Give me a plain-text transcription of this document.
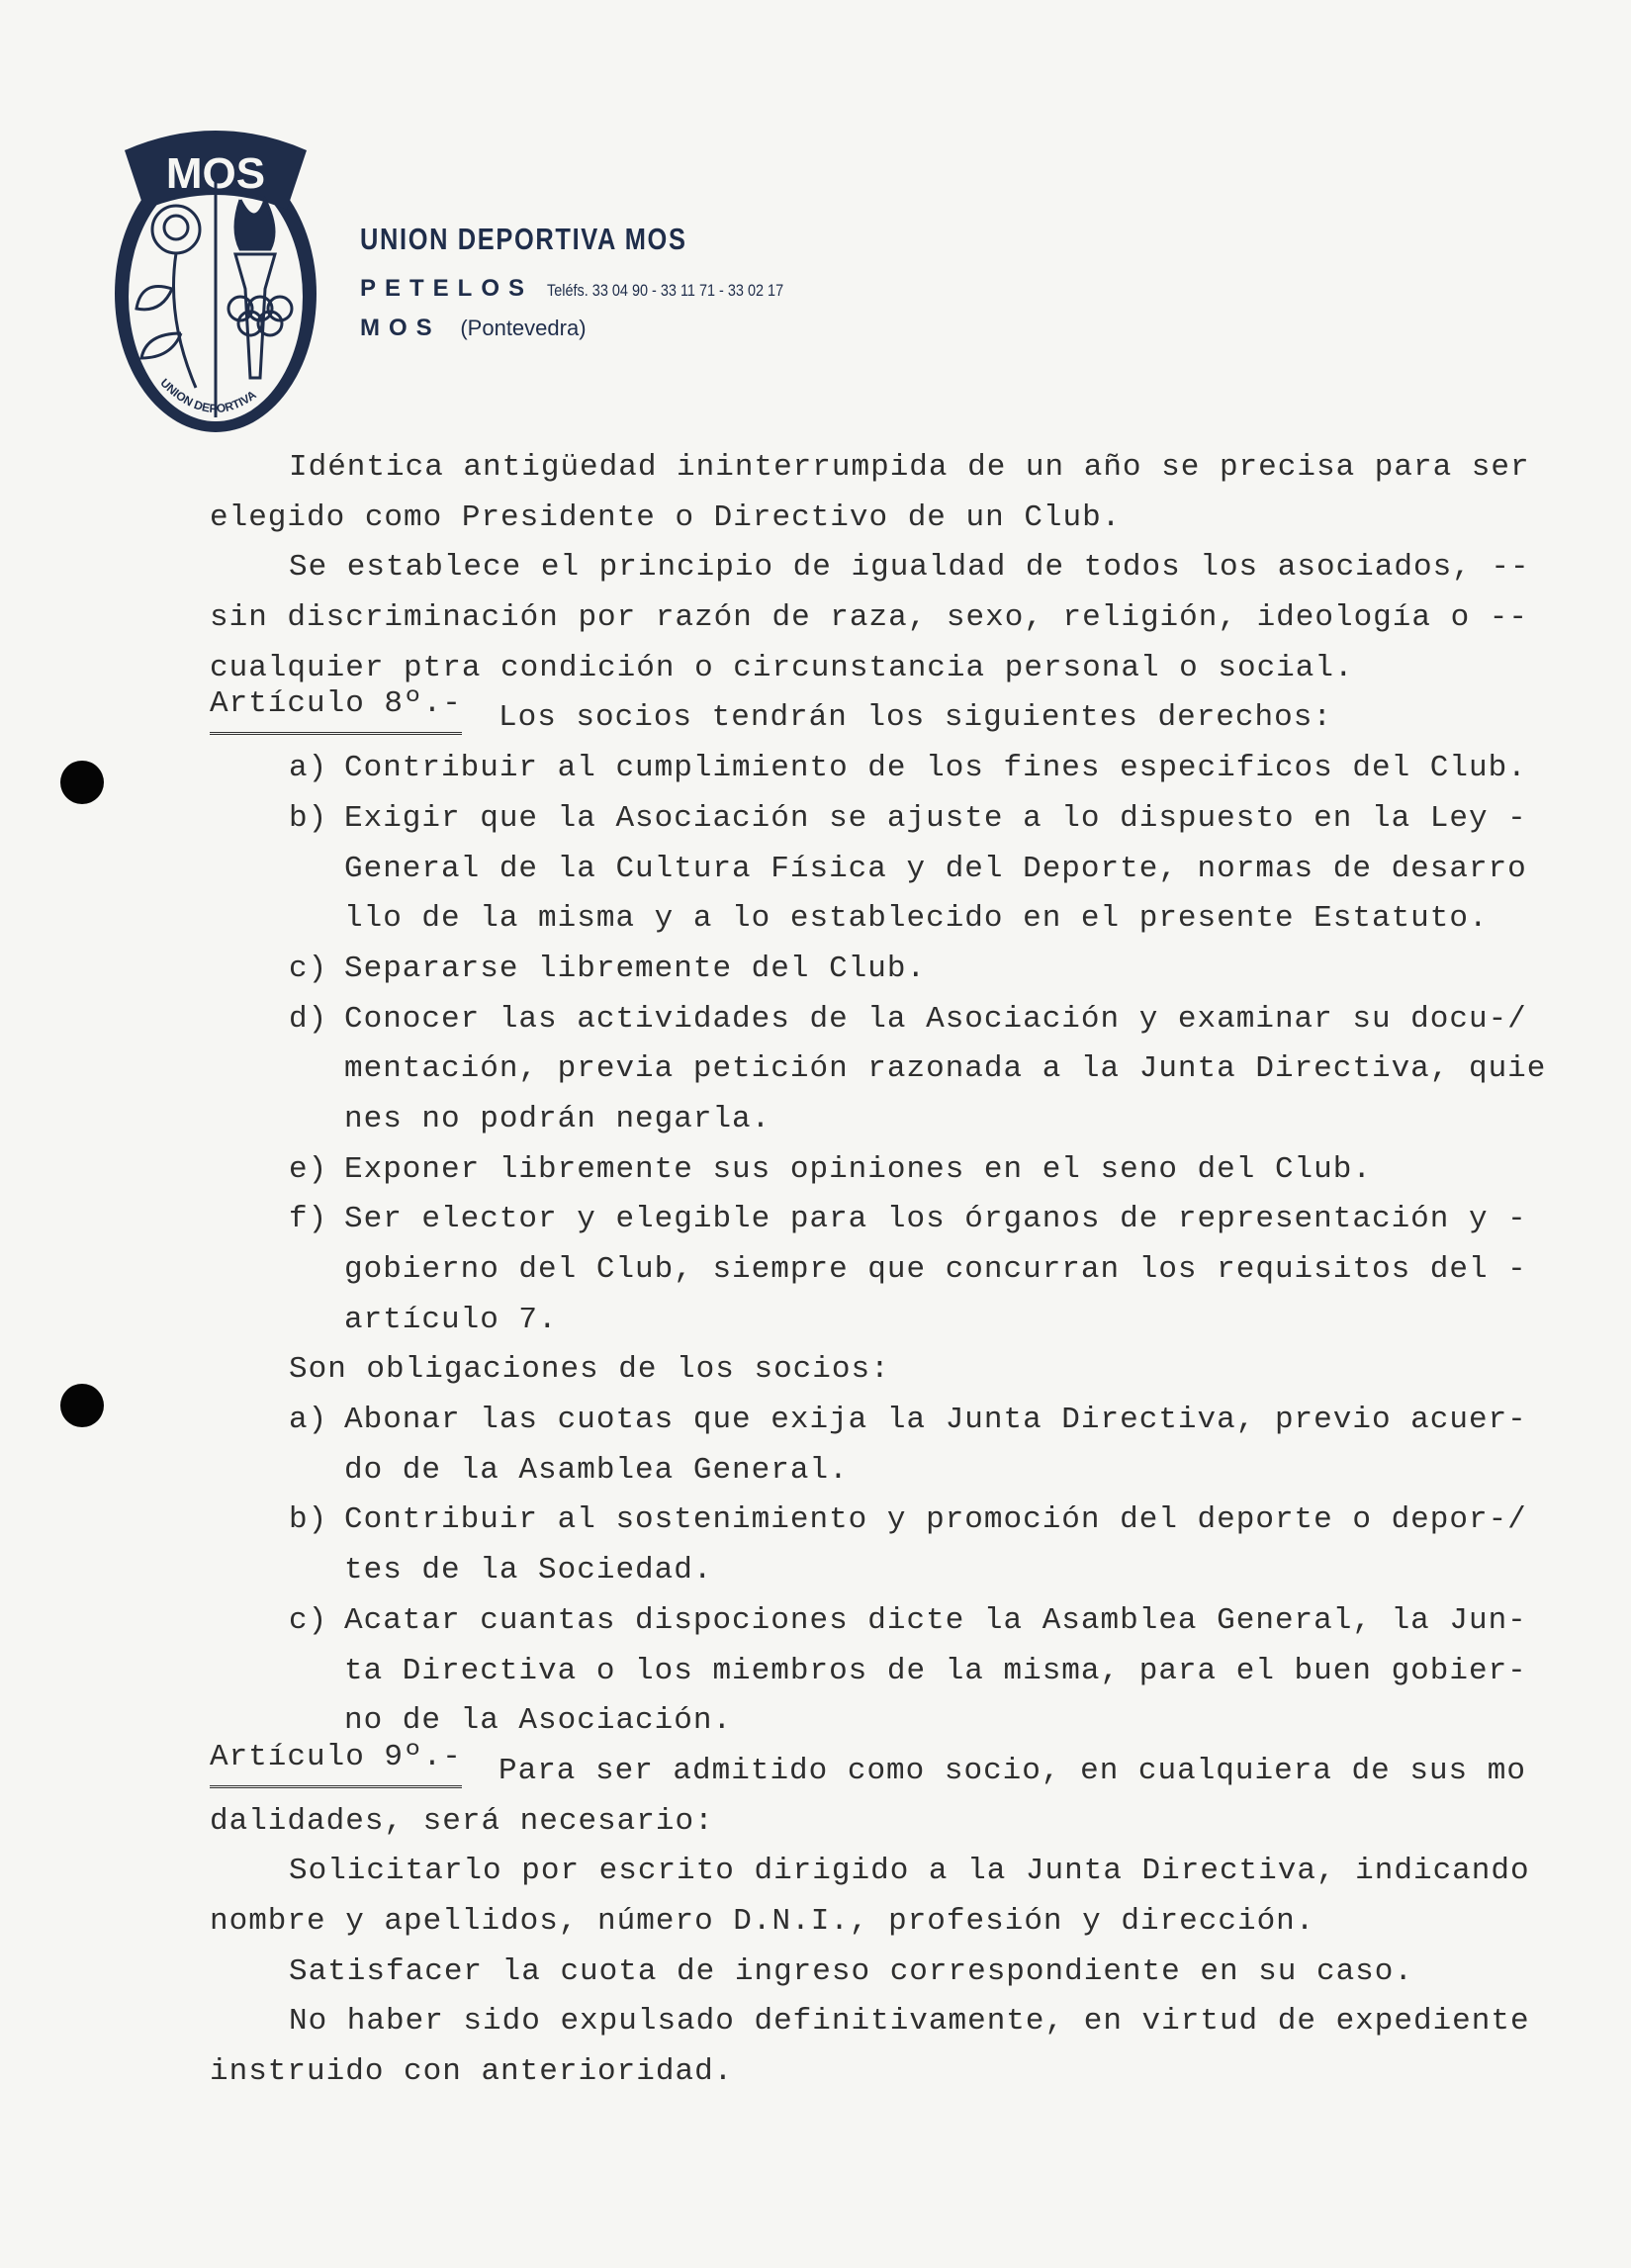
MOS
UNION DEPORTIVA
UNION DEPORTIVA MOS
PETELOS Teléfs. 33 04 90 - 33 11 71 - 33 02 17
MOS (Pontevedra)
Idéntica antigüedad ininterrumpida de un año se precisa para ser
elegido como Presidente o Directivo de un Club.
Se establece el principio de igualdad de todos los asociados, --
sin discriminación por razón de raza, sexo, religión, ideología o --
cualquier ptra condición o circunstancia personal o social.
Artículo 8º.- Los socios tendrán los siguientes derechos:
a) Contribuir al cumplimiento de los fines especificos del Club.
b) Exigir que la Asociación se ajuste a lo dispuesto en la Ley -
General de la Cultura Física y del Deporte, normas de desarro
llo de la misma y a lo establecido en el presente Estatuto.
c) Separarse libremente del Club.
d) Conocer las actividades de la Asociación y examinar su docu-/
mentación, previa petición razonada a la Junta Directiva, quie
nes no podrán negarla.
e) Exponer libremente sus opiniones en el seno del Club.
f) Ser elector y elegible para los órganos de representación y -
gobierno del Club, siempre que concurran los requisitos del -
artículo 7.
Son obligaciones de los socios:
a) Abonar las cuotas que exija la Junta Directiva, previo acuer-
do de la Asamblea General.
b) Contribuir al sostenimiento y promoción del deporte o depor-/
tes de la Sociedad.
c) Acatar cuantas dispociones dicte la Asamblea General, la Jun-
ta Directiva o los miembros de la misma, para el buen gobier-
no de la Asociación.
Artículo 9º.- Para ser admitido como socio, en cualquiera de sus mo
dalidades, será necesario:
Solicitarlo por escrito dirigido a la Junta Directiva, indicando
nombre y apellidos, número D.N.I., profesión y dirección.
Satisfacer la cuota de ingreso correspondiente en su caso.
No haber sido expulsado definitivamente, en virtud de expediente
instruido con anterioridad.
